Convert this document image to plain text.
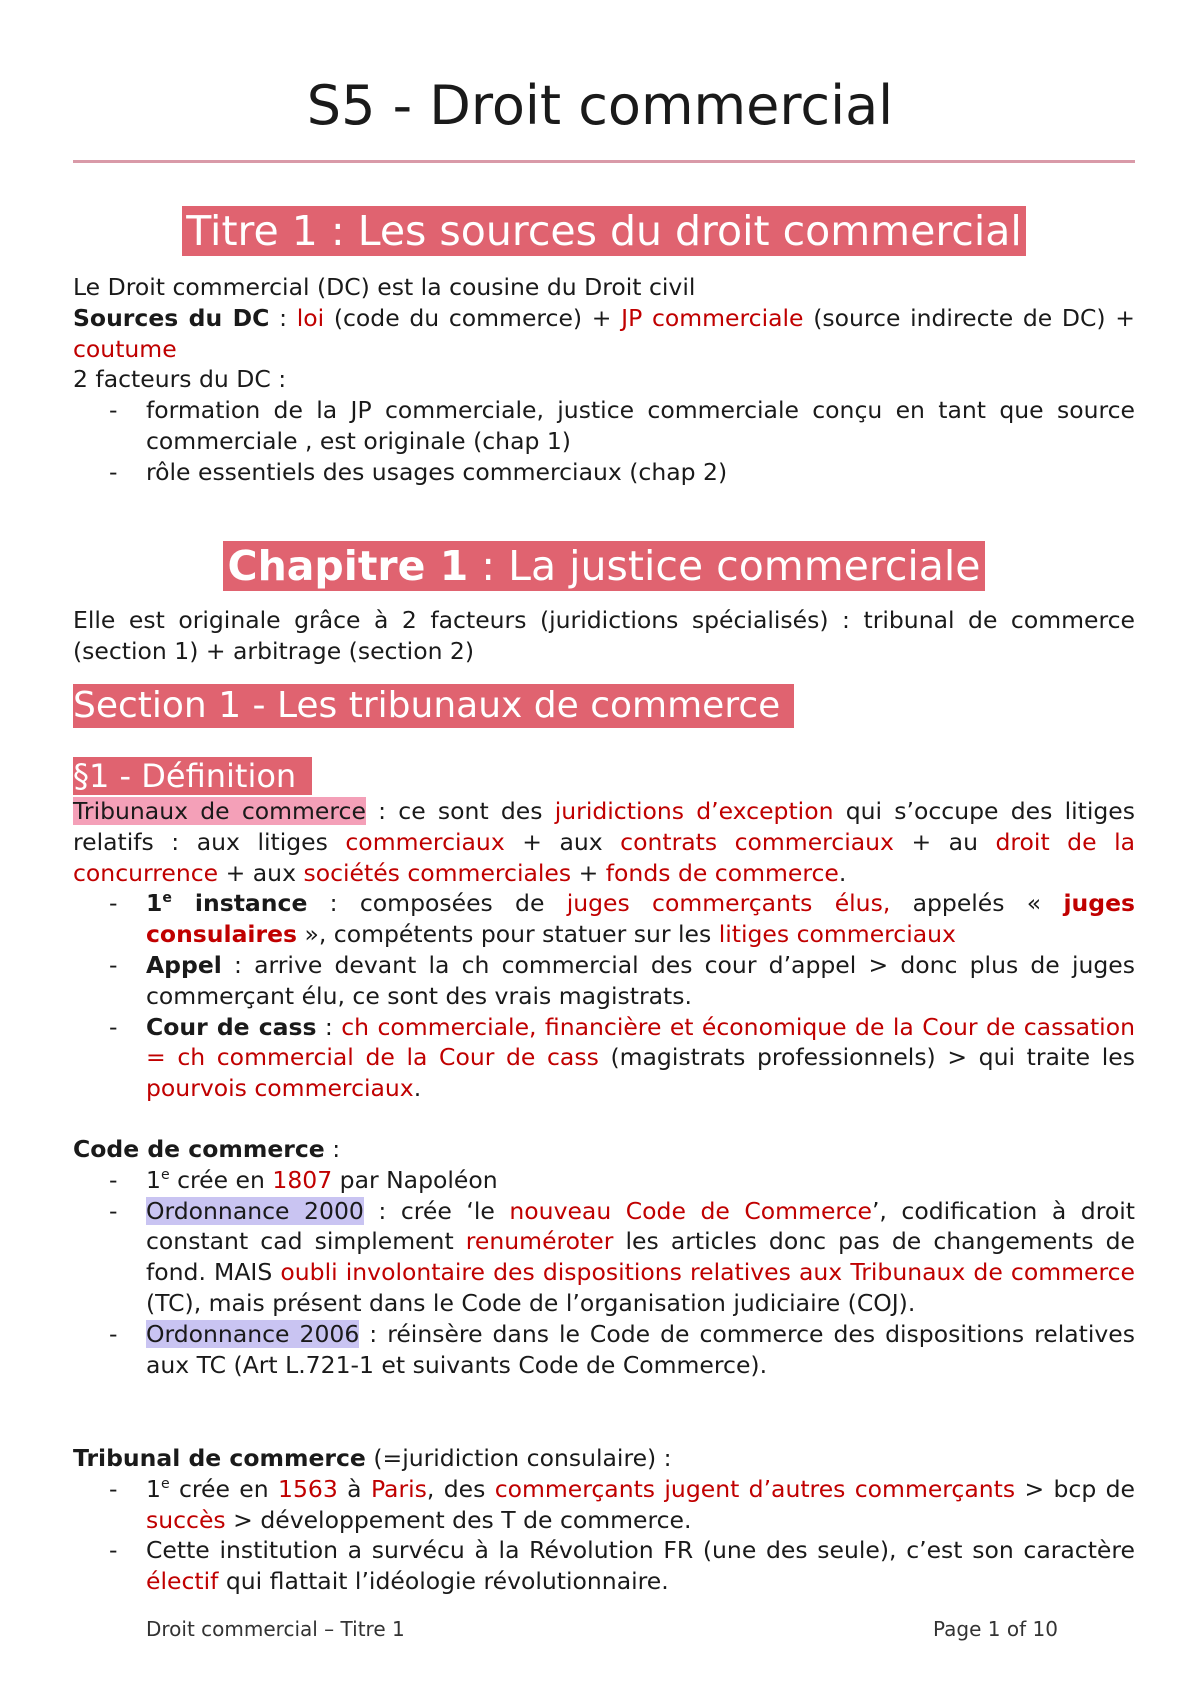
S5 - Droit commercial
Titre 1 : Les sources du droit commercial

Le Droit commercial (DC) est la cousine du Droit civil

Sources du DC : loi (code du commerce) + JP commerciale (source indirecte de DC) + coutume

2 facteurs du DC :

- formation de la JP commerciale, justice commerciale conçu en tant que source commerciale , est originale (chap 1)
- rôle essentiels des usages commerciaux (chap 2)
Chapitre 1 : La justice commerciale

Elle est originale grâce à 2 facteurs (juridictions spécialisés) : tribunal de commerce (section 1) + arbitrage (section 2)

Section 1 - Les tribunaux de commerce
§1 - Définition

Tribunaux de commerce : ce sont des juridictions d’exception qui s’occupe des litiges relatifs : aux litiges commerciaux + aux contrats commerciaux + au droit de la concurrence + aux sociétés commerciales + fonds de commerce.

- 1e instance : composées de juges commerçants élus, appelés « juges consulaires », compétents pour statuer sur les litiges commerciaux
- Appel : arrive devant la ch commercial des cour d’appel > donc plus de juges commerçant élu, ce sont des vrais magistrats.
- Cour de cass : ch commerciale, financière et économique de la Cour de cassation = ch commercial de la Cour de cass (magistrats professionnels) > qui traite les pourvois commerciaux.

Code de commerce :

- 1e crée en 1807 par Napoléon
- Ordonnance 2000 : crée ‘le nouveau Code de Commerce’, codification à droit constant cad simplement renuméroter les articles donc pas de changements de fond. MAIS oubli involontaire des dispositions relatives aux Tribunaux de commerce (TC), mais présent dans le Code de l’organisation judiciaire (COJ).
- Ordonnance 2006 : réinsère dans le Code de commerce des dispositions relatives aux TC (Art L.721-1 et suivants Code de Commerce).

Tribunal de commerce (=juridiction consulaire) :

- 1e crée en 1563 à Paris, des commerçants jugent d’autres commerçants > bcp de succès > développement des T de commerce.
- Cette institution a survécu à la Révolution FR (une des seule), c’est son caractère électif qui flattait l’idéologie révolutionnaire.
Droit commercial – Titre 1	Page 1 of 10
